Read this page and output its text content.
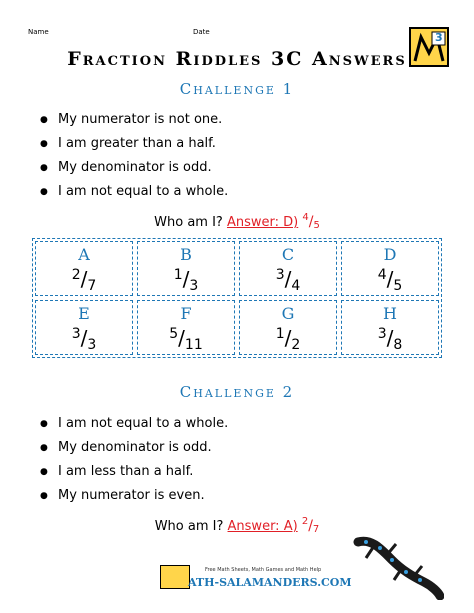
Name	Date	3
Fraction Riddles 3C Answers
Challenge 1
● My numerator is not one.
● I am greater than a half.
● My denominator is odd.
● I am not equal to a whole.
Who am I? Answer: D) $^4$/5
A
$^2/_7$
B
$^1/_3$
C
$^3/_4$
D
$^4/_5$
E
$^3/_3$
F
$^5/_{11}$
G
$^1/_2$
H
$^3/_8$
Challenge 2
● I am not equal to a whole.
● My denominator is odd.
● I am less than a half.
● My numerator is even.
Who am I? Answer: A) $^2$/7
Free Math Sheets, Math Games and Math Help
ATH-SALAMANDERS.COM
